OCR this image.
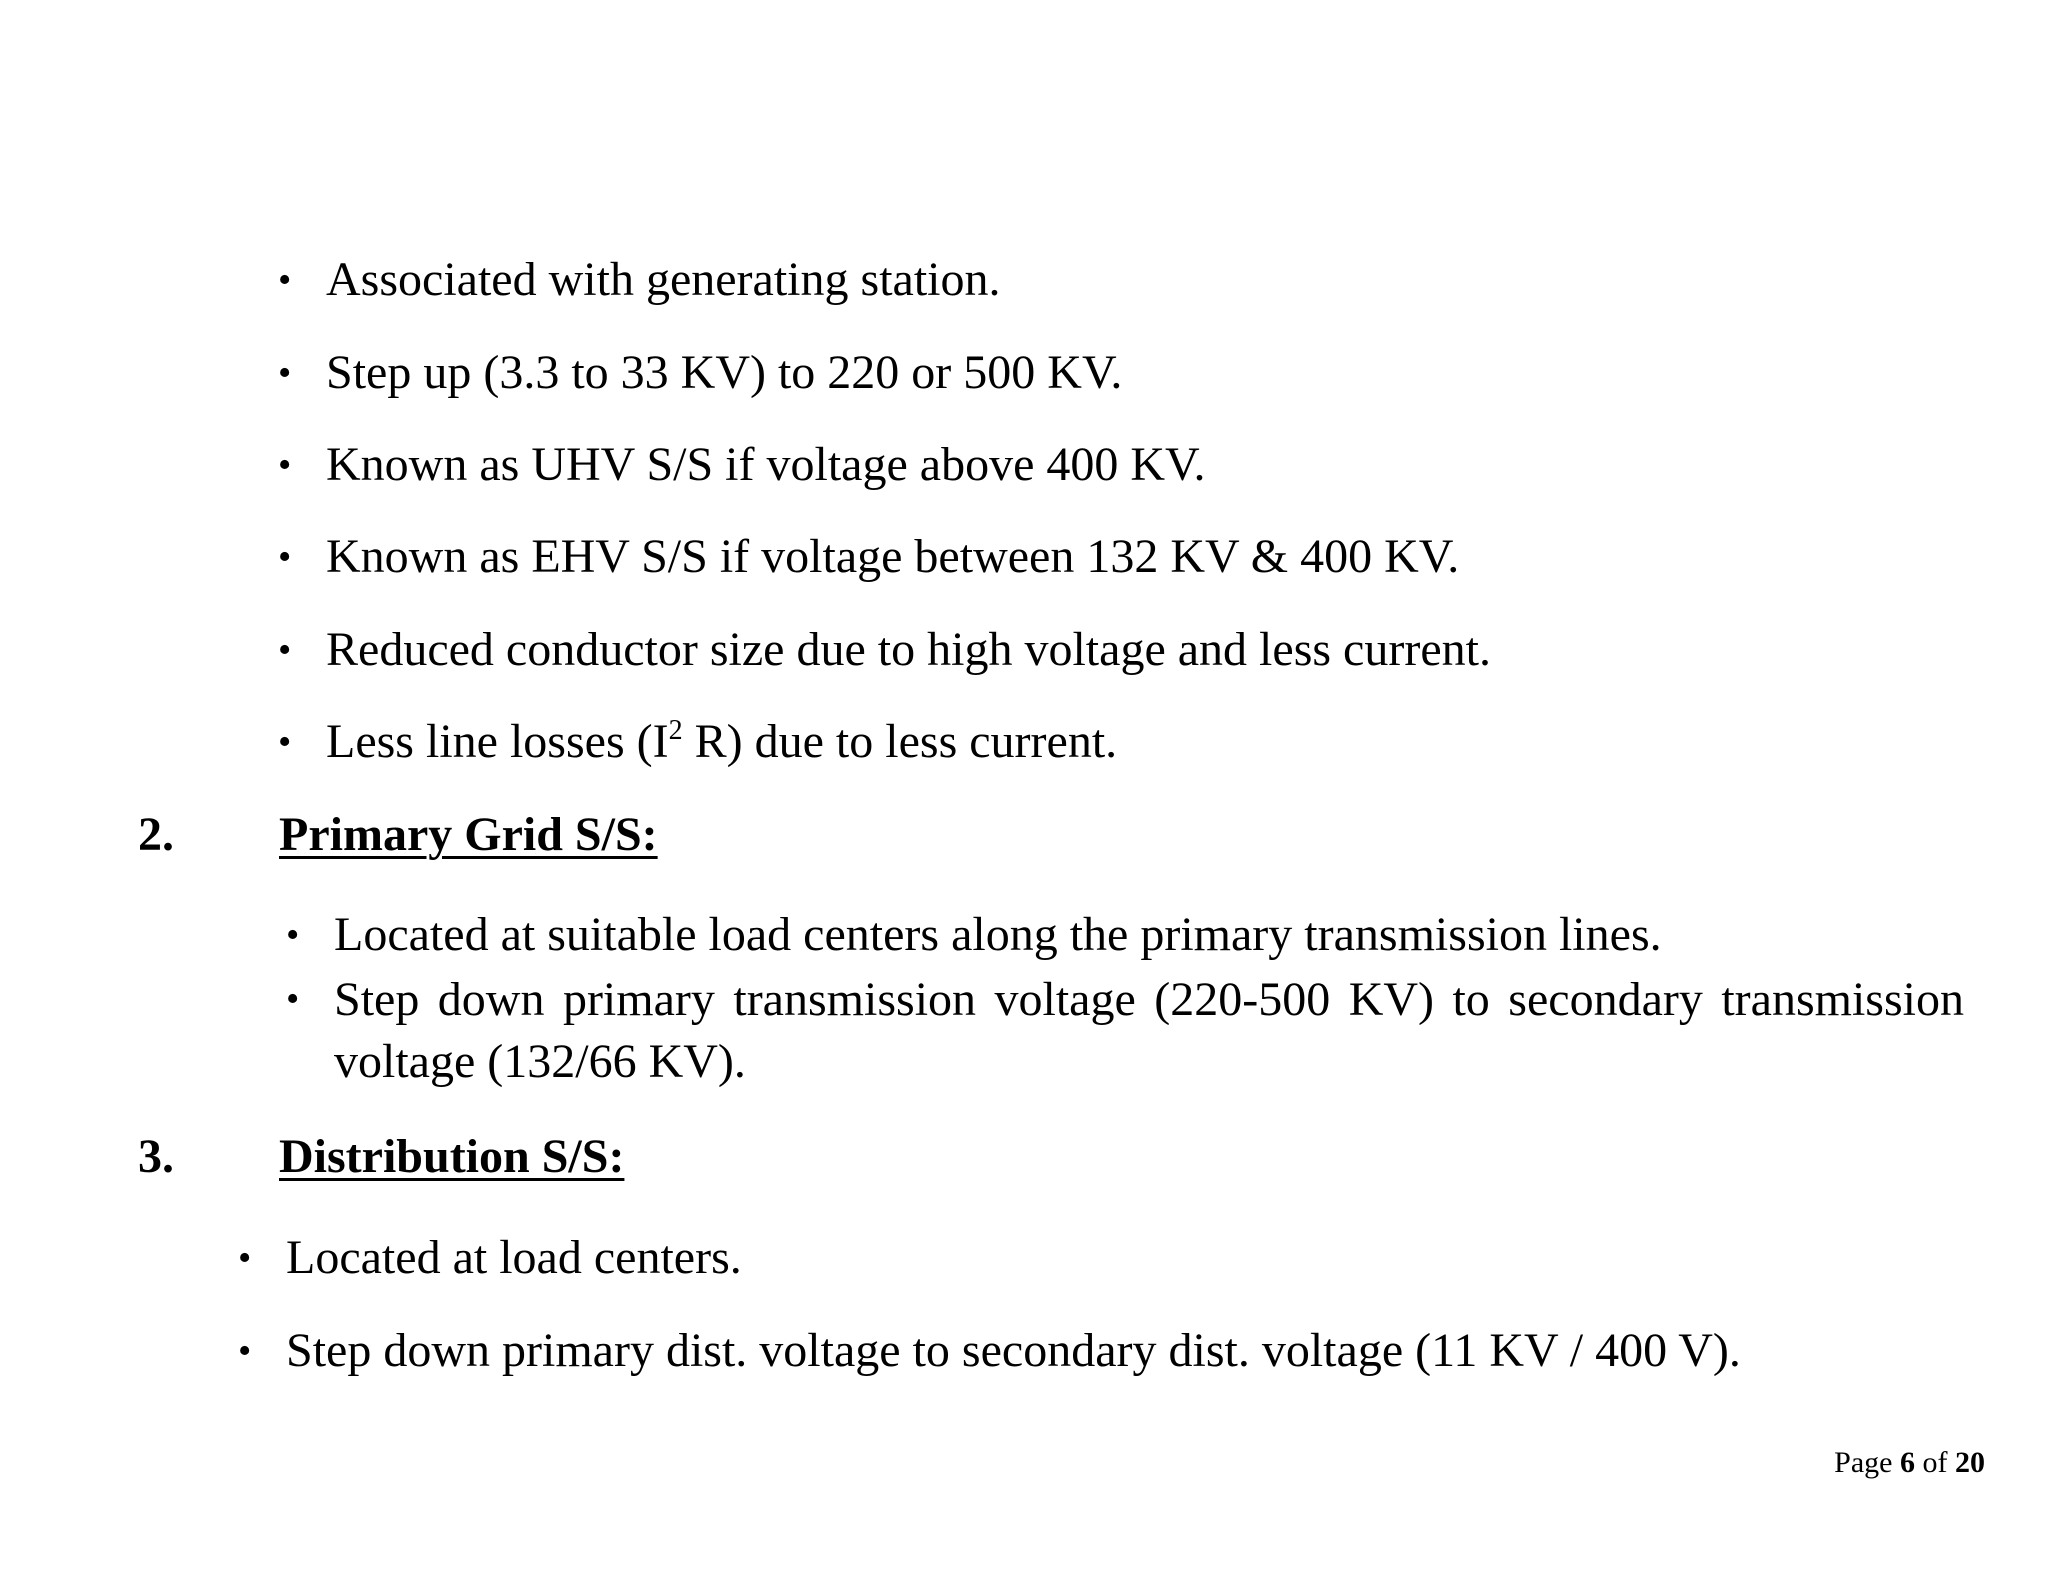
• Associated with generating station.
• Step up (3.3 to 33 KV) to 220 or 500 KV.
• Known as UHV S/S if voltage above 400 KV.
• Known as EHV S/S if voltage between 132 KV & 400 KV.
• Reduced conductor size due to high voltage and less current.
• Less line losses ($I^2$ R) due to less current.
2. Primary Grid S/S:
• Located at suitable load centers along the primary transmission lines.
• Step down primary transmission voltage (220-500 KV) to secondary transmission voltage (132/66 KV).
3. Distribution S/S:
• Located at load centers.
• Step down primary dist. voltage to secondary dist. voltage (11 KV / 400 V).
Page 6 of 20
